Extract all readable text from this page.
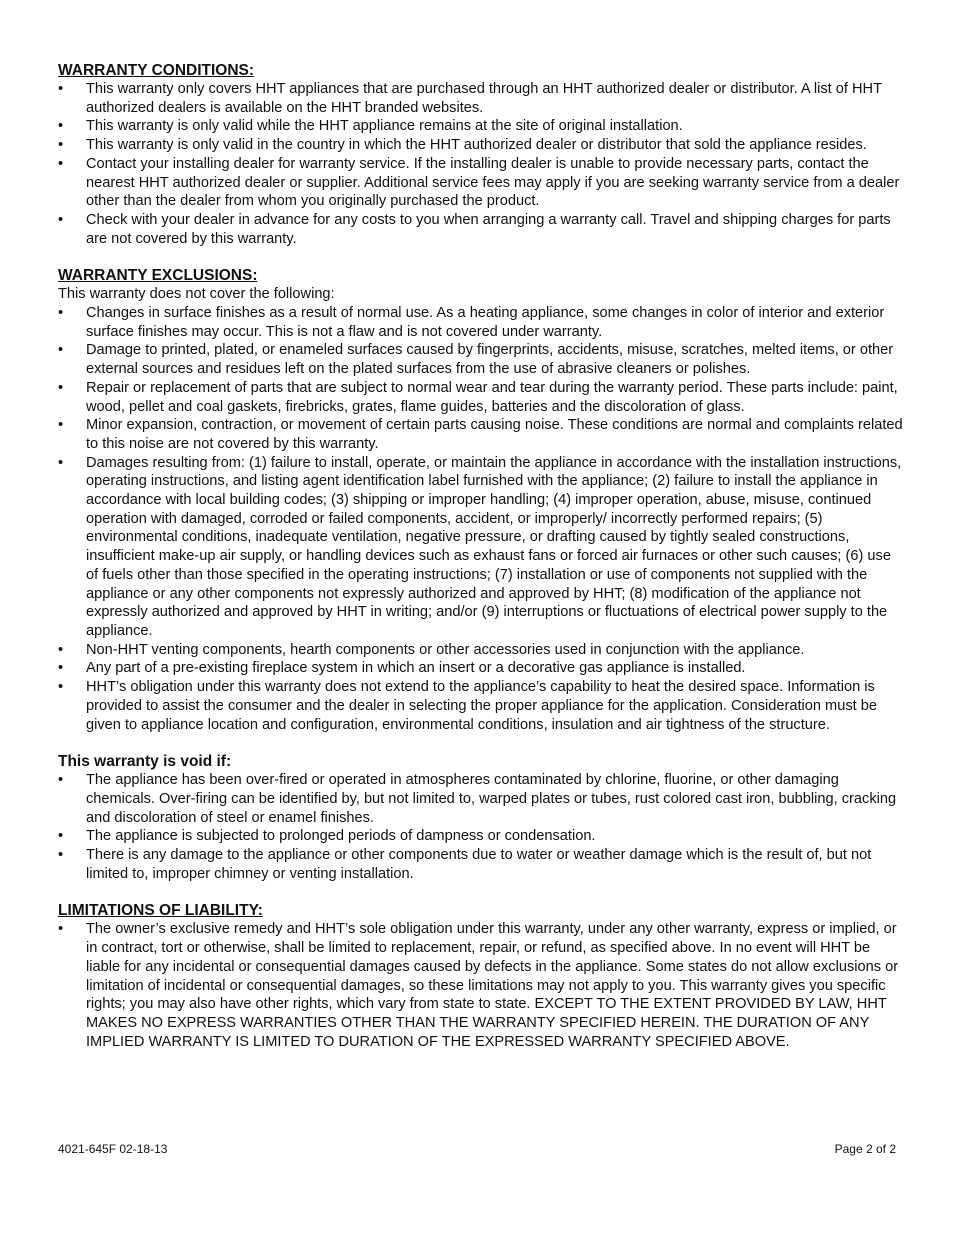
WARRANTY CONDITIONS:

• This warranty only covers HHT appliances that are purchased through an HHT authorized dealer or distributor. A list of HHT authorized dealers is available on the HHT branded websites.
• This warranty is only valid while the HHT appliance remains at the site of original installation.
• This warranty is only valid in the country in which the HHT authorized dealer or distributor that sold the appliance resides.
• Contact your installing dealer for warranty service. If the installing dealer is unable to provide necessary parts, contact the nearest HHT authorized dealer or supplier. Additional service fees may apply if you are seeking warranty service from a dealer other than the dealer from whom you originally purchased the product.
• Check with your dealer in advance for any costs to you when arranging a warranty call. Travel and shipping charges for parts are not covered by this warranty.

WARRANTY EXCLUSIONS:

This warranty does not cover the following:

• Changes in surface finishes as a result of normal use. As a heating appliance, some changes in color of interior and exterior surface finishes may occur. This is not a flaw and is not covered under warranty.
• Damage to printed, plated, or enameled surfaces caused by fingerprints, accidents, misuse, scratches, melted items, or other external sources and residues left on the plated surfaces from the use of abrasive cleaners or polishes.
• Repair or replacement of parts that are subject to normal wear and tear during the warranty period. These parts include: paint, wood, pellet and coal gaskets, firebricks, grates, flame guides, batteries and the discoloration of glass.
• Minor expansion, contraction, or movement of certain parts causing noise. These conditions are normal and complaints related to this noise are not covered by this warranty.
• Damages resulting from: (1) failure to install, operate, or maintain the appliance in accordance with the installation instructions, operating instructions, and listing agent identification label furnished with the appliance; (2) failure to install the appliance in accordance with local building codes; (3) shipping or improper handling; (4) improper operation, abuse, misuse, continued operation with damaged, corroded or failed components, accident, or improperly/ incorrectly performed repairs; (5) environmental conditions, inadequate ventilation, negative pressure, or drafting caused by tightly sealed constructions, insufficient make-up air supply, or handling devices such as exhaust fans or forced air furnaces or other such causes; (6) use of fuels other than those specified in the operating instructions; (7) installation or use of components not supplied with the appliance or any other components not expressly authorized and approved by HHT; (8) modification of the appliance not expressly authorized and approved by HHT in writing; and/or (9) interruptions or fluctuations of electrical power supply to the appliance.
• Non-HHT venting components, hearth components or other accessories used in conjunction with the appliance.
• Any part of a pre-existing fireplace system in which an insert or a decorative gas appliance is installed.
• HHT’s obligation under this warranty does not extend to the appliance’s capability to heat the desired space. Information is provided to assist the consumer and the dealer in selecting the proper appliance for the application. Consideration must be given to appliance location and configuration, environmental conditions, insulation and air tightness of the structure.

This warranty is void if:

• The appliance has been over-fired or operated in atmospheres contaminated by chlorine, fluorine, or other damaging chemicals. Over-firing can be identified by, but not limited to, warped plates or tubes, rust colored cast iron, bubbling, cracking and discoloration of steel or enamel finishes.
• The appliance is subjected to prolonged periods of dampness or condensation.
• There is any damage to the appliance or other components due to water or weather damage which is the result of, but not limited to, improper chimney or venting installation.

LIMITATIONS OF LIABILITY:

• The owner’s exclusive remedy and HHT’s sole obligation under this warranty, under any other warranty, express or implied, or in contract, tort or otherwise, shall be limited to replacement, repair, or refund, as specified above. In no event will HHT be liable for any incidental or consequential damages caused by defects in the appliance. Some states do not allow exclusions or limitation of incidental or consequential damages, so these limitations may not apply to you. This warranty gives you specific rights; you may also have other rights, which vary from state to state. EXCEPT TO THE EXTENT PROVIDED BY LAW, HHT MAKES NO EXPRESS WARRANTIES OTHER THAN THE WARRANTY SPECIFIED HEREIN. THE DURATION OF ANY IMPLIED WARRANTY IS LIMITED TO DURATION OF THE EXPRESSED WARRANTY SPECIFIED ABOVE.
4021-645F 02-18-13	Page 2 of 2
